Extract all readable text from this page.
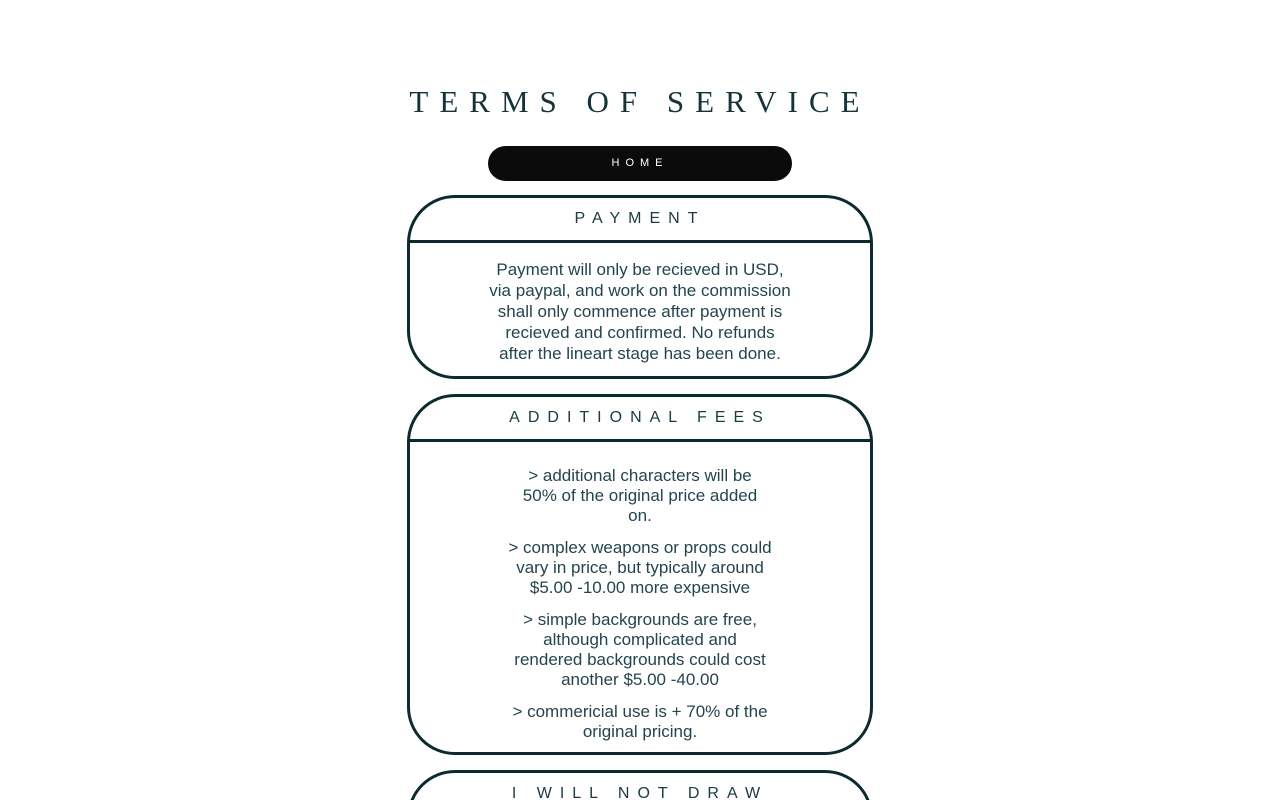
TERMS OF SERVICE
HOME
PAYMENT

Payment will only be recieved in USD,
via paypal, and work on the commission
shall only commence after payment is
recieved and confirmed. No refunds
after the lineart stage has been done.

ADDITIONAL FEES

> additional characters will be
50% of the original price added
on.

> complex weapons or props could
vary in price, but typically around
$5.00 -10.00 more expensive

> simple backgrounds are free,
although complicated and
rendered backgrounds could cost
another $5.00 -40.00

> commericial use is + 70% of the
original pricing.

I WILL NOT DRAW
